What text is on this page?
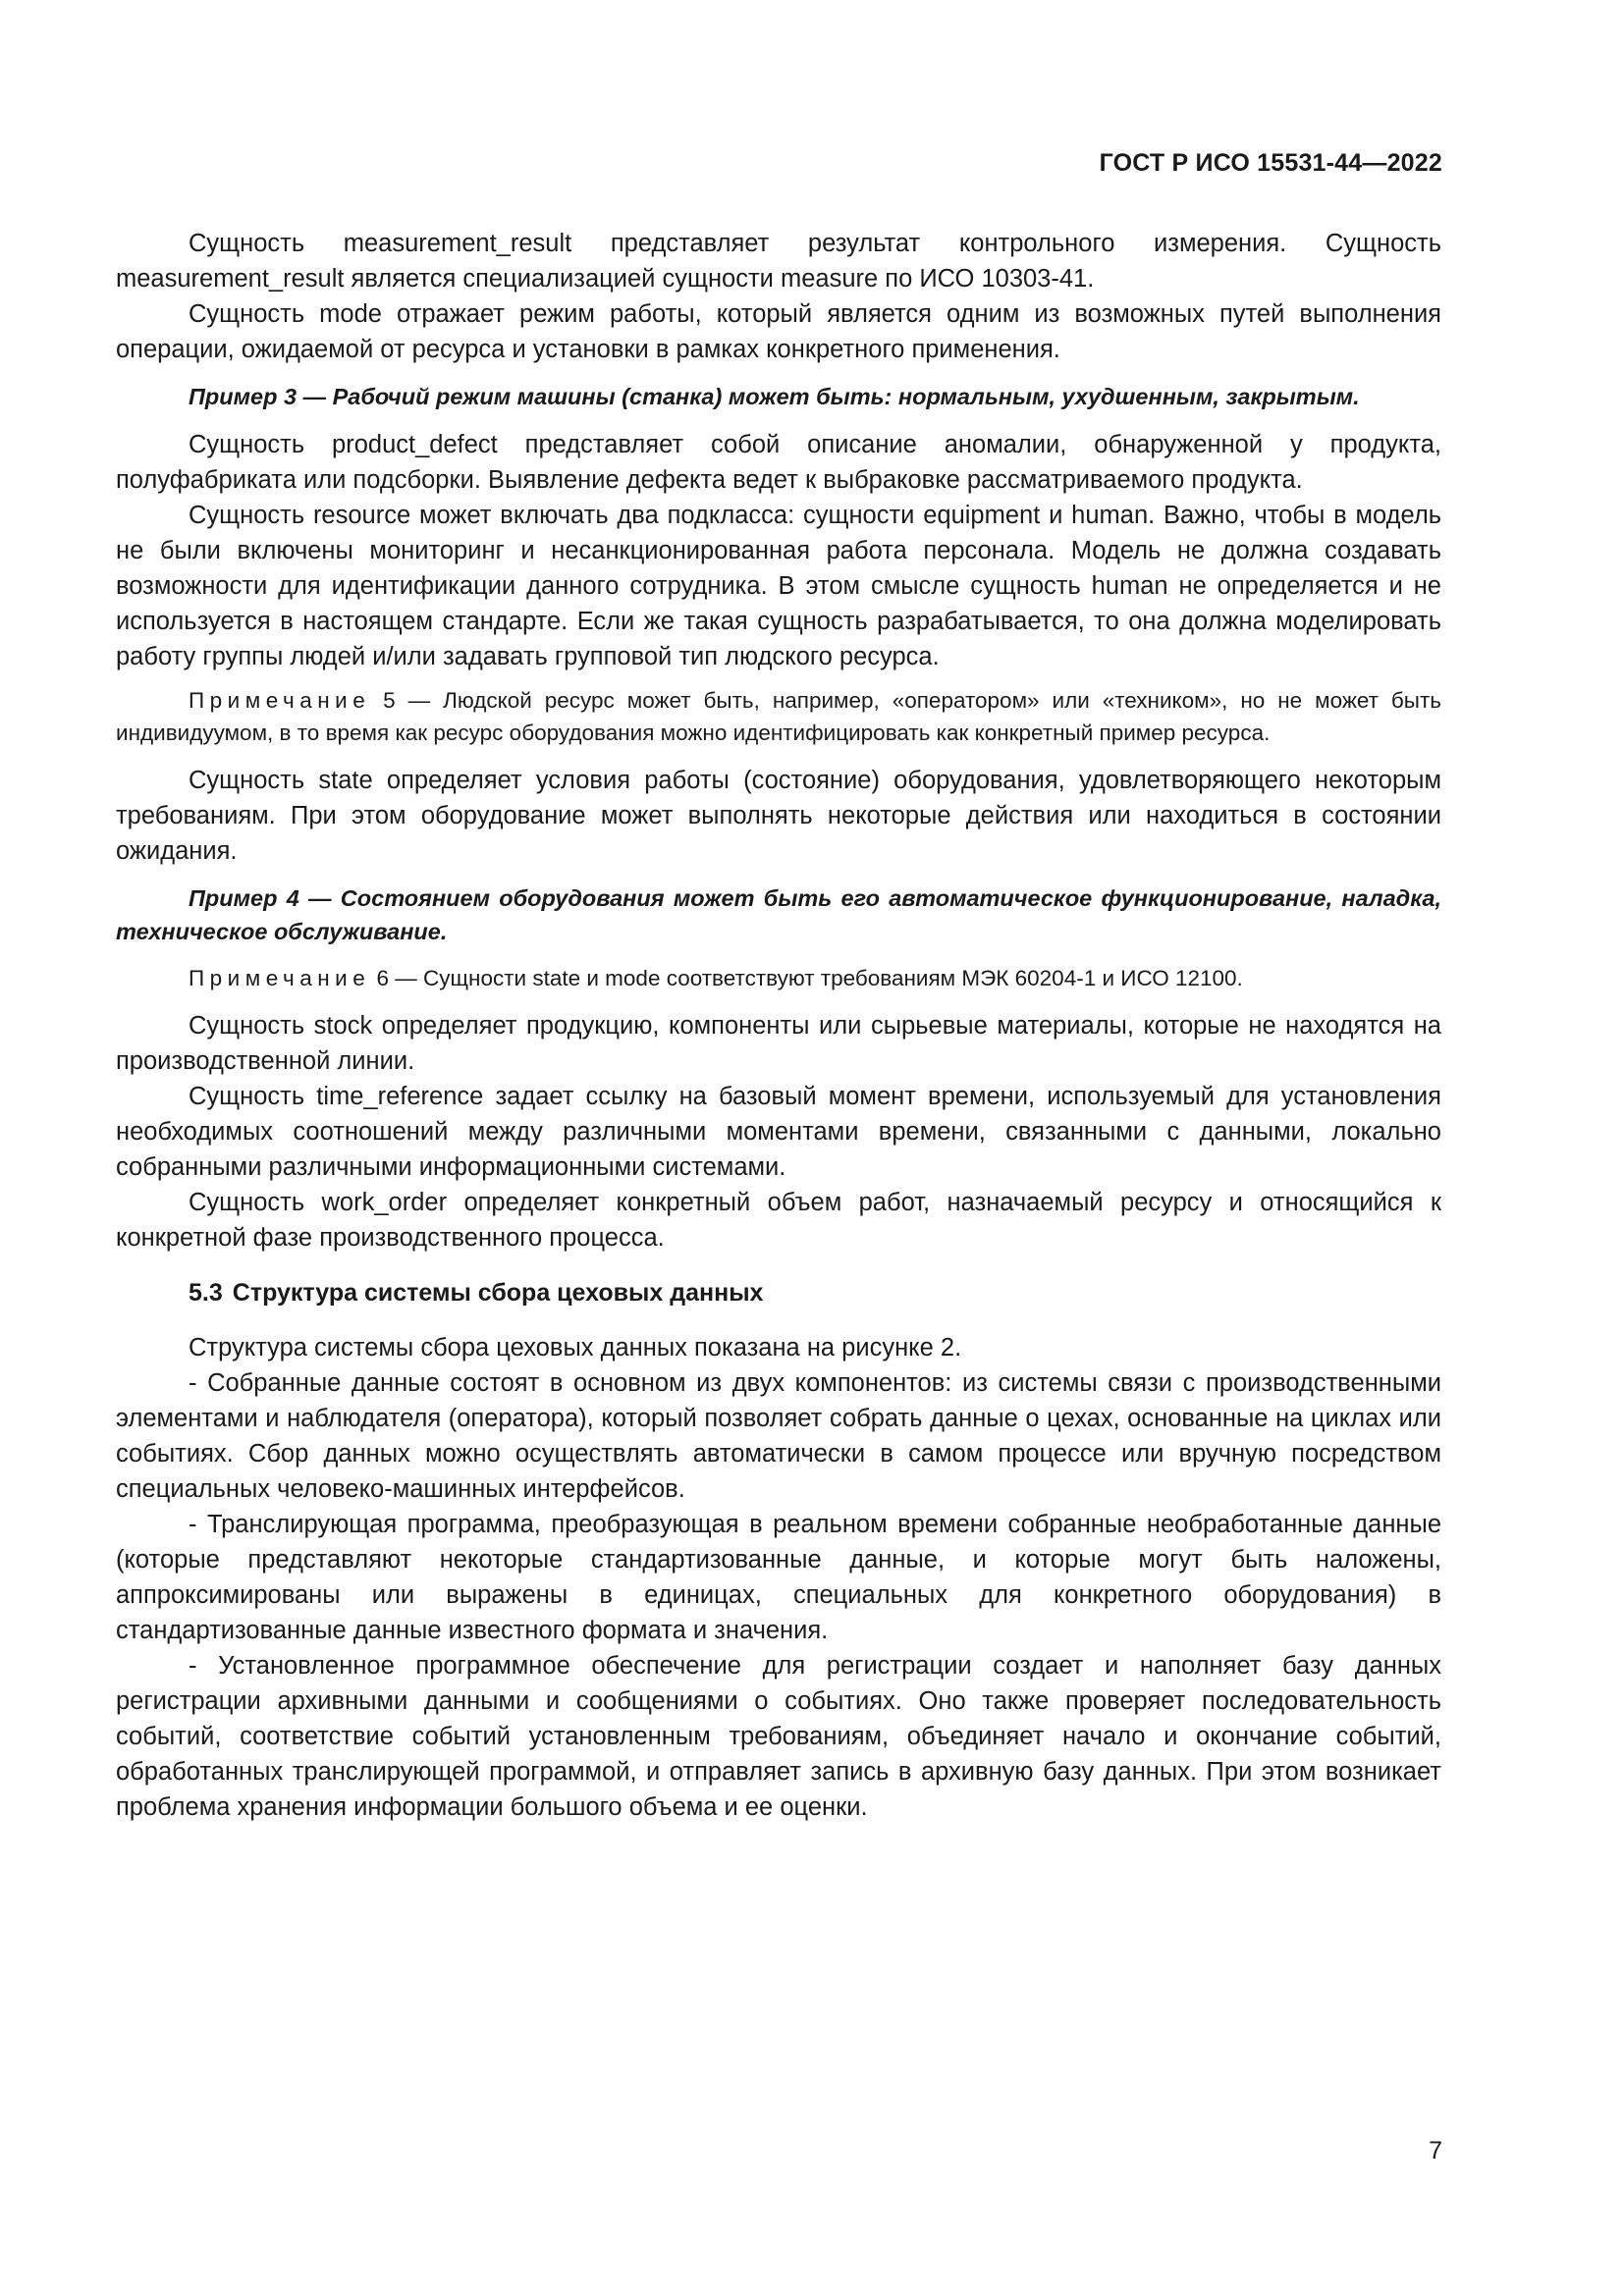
ГОСТ Р ИСО 15531-44—2022

Сущность measurement_result представляет результат контрольного измерения. Сущность measurement_result является специализацией сущности measure по ИСО 10303-41.

Сущность mode отражает режим работы, который является одним из возможных путей выполнения операции, ожидаемой от ресурса и установки в рамках конкретного применения.

Пример 3 — Рабочий режим машины (станка) может быть: нормальным, ухудшенным, закрытым.

Сущность product_defect представляет собой описание аномалии, обнаруженной у продукта, полуфабриката или подсборки. Выявление дефекта ведет к выбраковке рассматриваемого продукта.

Сущность resource может включать два подкласса: сущности equipment и human. Важно, чтобы в модель не были включены мониторинг и несанкционированная работа персонала. Модель не должна создавать возможности для идентификации данного сотрудника. В этом смысле сущность human не определяется и не используется в настоящем стандарте. Если же такая сущность разрабатывается, то она должна моделировать работу группы людей и/или задавать групповой тип людского ресурса.

Примечание 5 — Людской ресурс может быть, например, «оператором» или «техником», но не может быть индивидуумом, в то время как ресурс оборудования можно идентифицировать как конкретный пример ресурса.

Сущность state определяет условия работы (состояние) оборудования, удовлетворяющего некоторым требованиям. При этом оборудование может выполнять некоторые действия или находиться в состоянии ожидания.

Пример 4 — Состоянием оборудования может быть его автоматическое функционирование, наладка, техническое обслуживание.

Примечание 6 — Сущности state и mode соответствуют требованиям МЭК 60204-1 и ИСО 12100.

Сущность stock определяет продукцию, компоненты или сырьевые материалы, которые не находятся на производственной линии.

Сущность time_reference задает ссылку на базовый момент времени, используемый для установления необходимых соотношений между различными моментами времени, связанными с данными, локально собранными различными информационными системами.

Сущность work_order определяет конкретный объем работ, назначаемый ресурсу и относящийся к конкретной фазе производственного процесса.

5.3 Структура системы сбора цеховых данных

Структура системы сбора цеховых данных показана на рисунке 2.

- Собранные данные состоят в основном из двух компонентов: из системы связи с производственными элементами и наблюдателя (оператора), который позволяет собрать данные о цехах, основанные на циклах или событиях. Сбор данных можно осуществлять автоматически в самом процессе или вручную посредством специальных человеко-машинных интерфейсов.

- Транслирующая программа, преобразующая в реальном времени собранные необработанные данные (которые представляют некоторые стандартизованные данные, и которые могут быть наложены, аппроксимированы или выражены в единицах, специальных для конкретного оборудования) в стандартизованные данные известного формата и значения.

- Установленное программное обеспечение для регистрации создает и наполняет базу данных регистрации архивными данными и сообщениями о событиях. Оно также проверяет последовательность событий, соответствие событий установленным требованиям, объединяет начало и окончание событий, обработанных транслирующей программой, и отправляет запись в архивную базу данных. При этом возникает проблема хранения информации большого объема и ее оценки.

7
